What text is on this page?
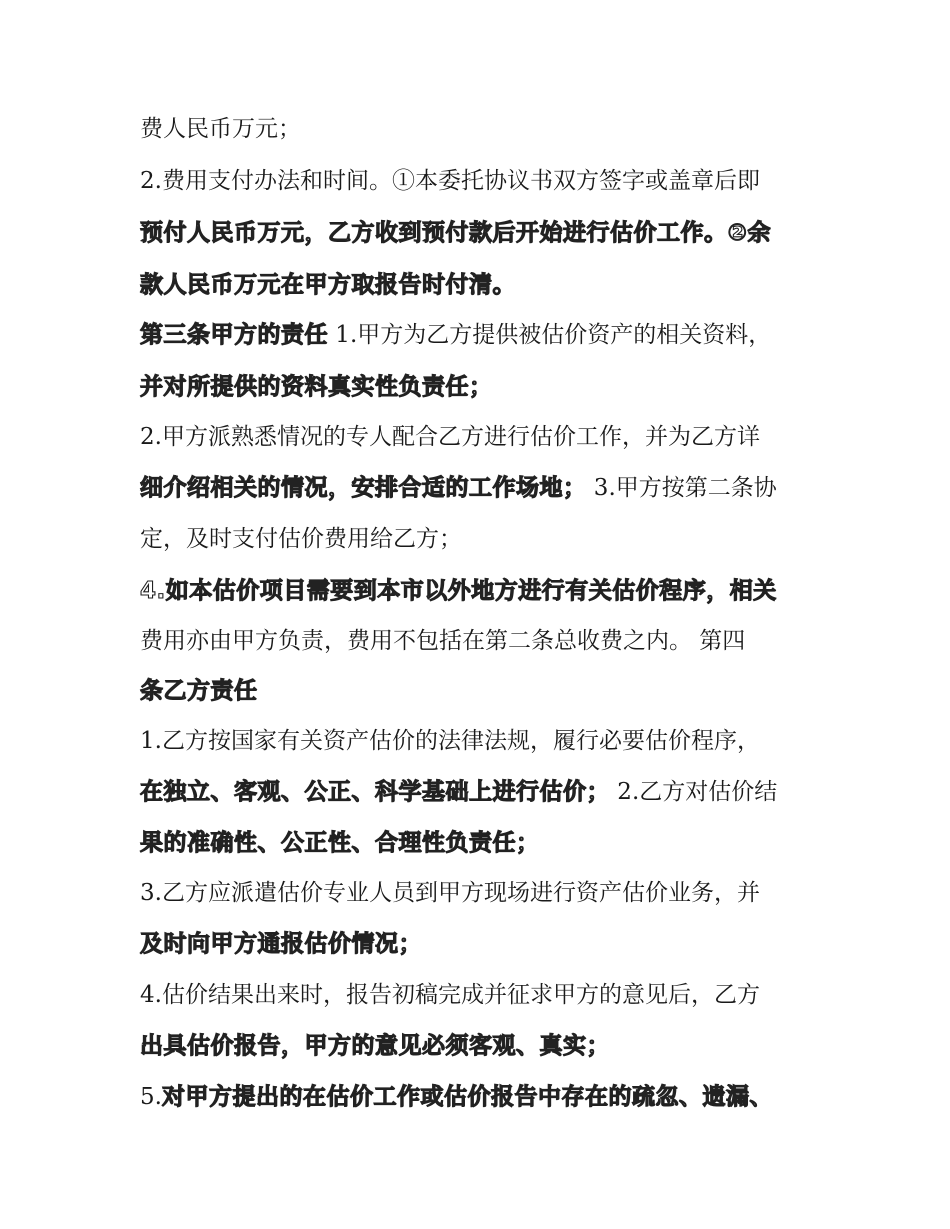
费人民币万元；
2.费用支付办法和时间。①本委托协议书双方签字或盖章后即
预付人民币万元，乙方收到预付款后开始进行估价工作。②余
款人民币万元在甲方取报告时付清。
第三条甲方的责任 1.甲方为乙方提供被估价资产的相关资料，
并对所提供的资料真实性负责任；
2.甲方派熟悉情况的专人配合乙方进行估价工作，并为乙方详
细介绍相关的情况，安排合适的工作场地； 3.甲方按第二条协
定，及时支付估价费用给乙方；
4.如本估价项目需要到本市以外地方进行有关估价程序，相关
费用亦由甲方负责，费用不包括在第二条总收费之内。 第四
条乙方责任
1.乙方按国家有关资产估价的法律法规，履行必要估价程序，
在独立、客观、公正、科学基础上进行估价； 2.乙方对估价结
果的准确性、公正性、合理性负责任；
3.乙方应派遣估价专业人员到甲方现场进行资产估价业务，并
及时向甲方通报估价情况；
4.估价结果出来时，报告初稿完成并征求甲方的意见后，乙方
出具估价报告，甲方的意见必须客观、真实；
5.对甲方提出的在估价工作或估价报告中存在的疏忽、遗漏、
